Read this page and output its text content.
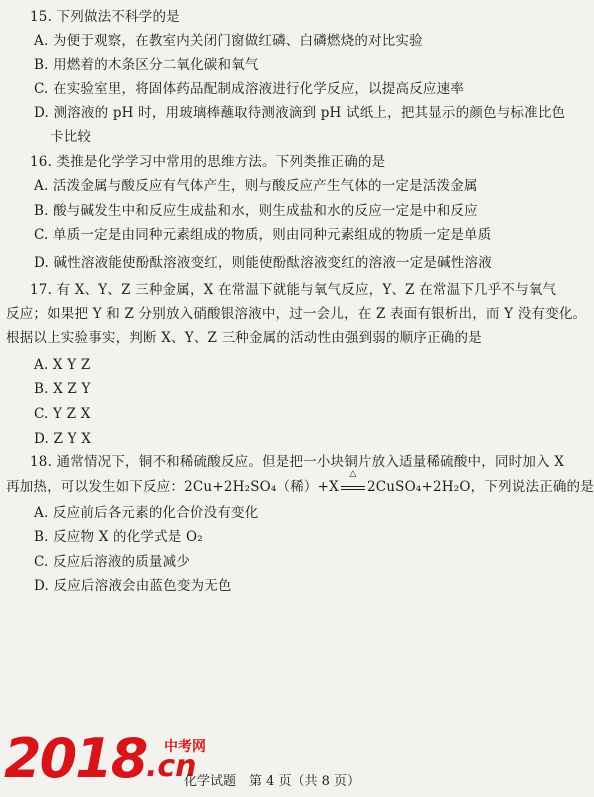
15. 下列做法不科学的是
A. 为便于观察，在教室内关闭门窗做红磷、白磷燃烧的对比实验
B. 用燃着的木条区分二氧化碳和氧气
C. 在实验室里，将固体药品配制成溶液进行化学反应，以提高反应速率
D. 测溶液的 pH 时，用玻璃棒蘸取待测液滴到 pH 试纸上，把其显示的颜色与标准比色
卡比较
16. 类推是化学学习中常用的思维方法。下列类推正确的是
A. 活泼金属与酸反应有气体产生，则与酸反应产生气体的一定是活泼金属
B. 酸与碱发生中和反应生成盐和水，则生成盐和水的反应一定是中和反应
C. 单质一定是由同种元素组成的物质，则由同种元素组成的物质一定是单质
D. 碱性溶液能使酚酞溶液变红，则能使酚酞溶液变红的溶液一定是碱性溶液
17. 有 X、Y、Z 三种金属，X 在常温下就能与氧气反应，Y、Z 在常温下几乎不与氧气
反应；如果把 Y 和 Z 分别放入硝酸银溶液中，过一会儿，在 Z 表面有银析出，而 Y 没有变化。
根据以上实验事实，判断 X、Y、Z 三种金属的活动性由强到弱的顺序正确的是
A. X Y Z
B. X Z Y
C. Y Z X
D. Z Y X
18. 通常情况下，铜不和稀硫酸反应。但是把一小块铜片放入适量稀硫酸中，同时加入 X
再加热，可以发生如下反应：2Cu+2H₂SO₄（稀）+X
△
2CuSO₄+2H₂O，下列说法正确的是
A. 反应前后各元素的化合价没有变化
B. 反应物 X 的化学式是 O₂
C. 反应后溶液的质量减少
D. 反应后溶液会由蓝色变为无色
2018 中考网
.cn
化学试题　第 4 页（共 8 页）
